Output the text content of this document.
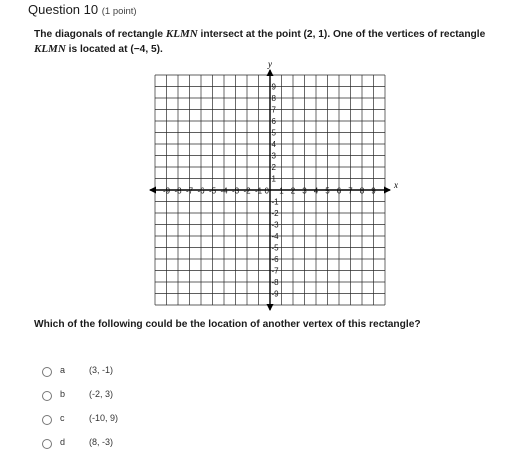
Question 10 (1 point)
The diagonals of rectangle KLMN intersect at the point (2, 1). One of the vertices of rectangle KLMN is located at (−4, 5).
x
y
-9 -8 -7 -6 -5 -4 -3 -2 -1 1 2 3 4 5 6 7 8 9
0
1
2
3
4
5
6
7
8
9
-1
-2
-3
-4
-5
-6
-7
-8
-9
Which of the following could be the location of another vertex of this rectangle?
a	(3, -1)
b	(-2, 3)
c	(-10, 9)
d	(8, -3)
